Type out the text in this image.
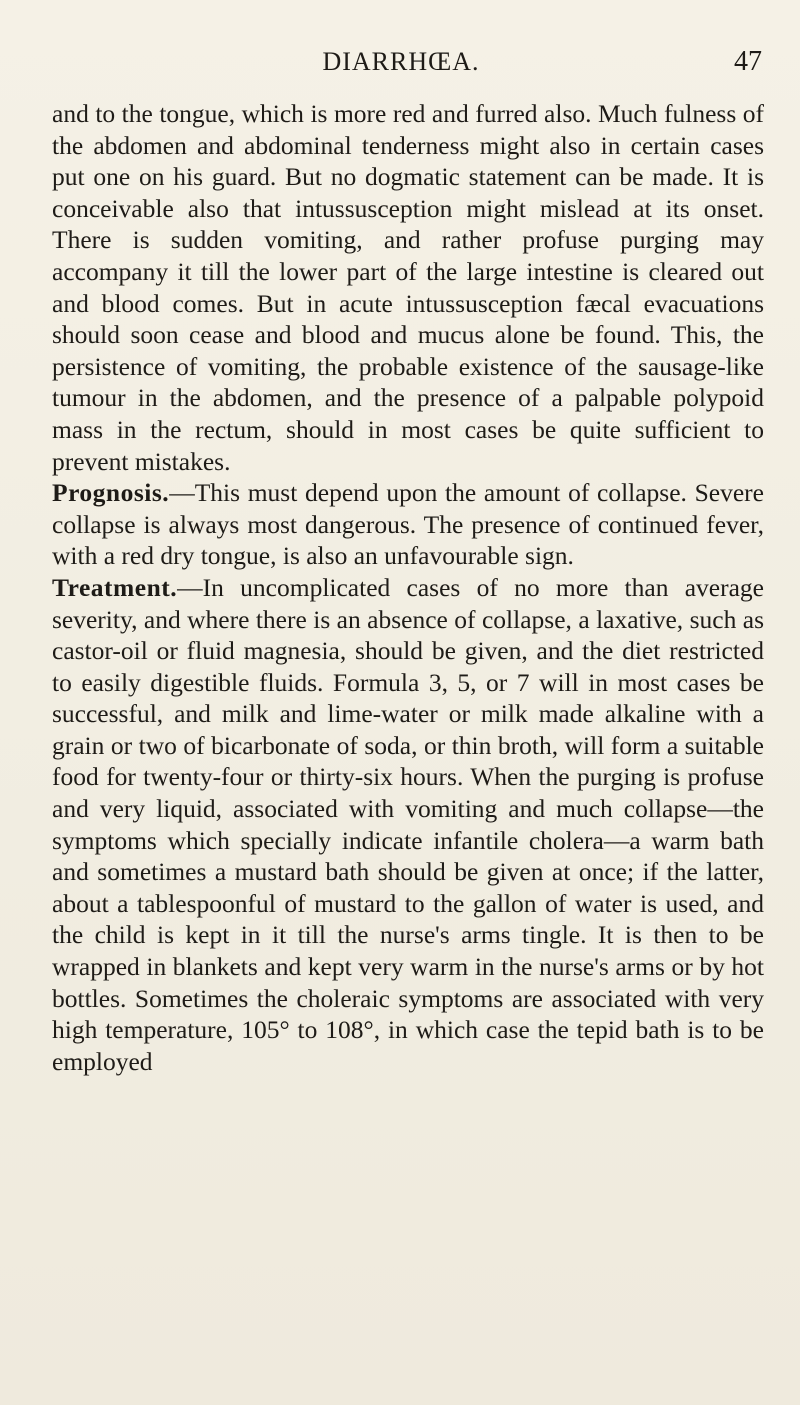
DIARRHŒA.	47

and to the tongue, which is more red and furred also. Much fulness of the abdomen and abdominal tenderness might also in certain cases put one on his guard. But no dogmatic statement can be made. It is conceivable also that intussusception might mislead at its onset. There is sudden vomiting, and rather profuse purging may accompany it till the lower part of the large intestine is cleared out and blood comes. But in acute intussusception fæcal evacuations should soon cease and blood and mucus alone be found. This, the persistence of vomiting, the probable existence of the sausage-like tumour in the abdomen, and the presence of a palpable polypoid mass in the rectum, should in most cases be quite sufficient to prevent mistakes.

Prognosis.—This must depend upon the amount of collapse. Severe collapse is always most dangerous. The presence of continued fever, with a red dry tongue, is also an unfavourable sign.

Treatment.—In uncomplicated cases of no more than average severity, and where there is an absence of collapse, a laxative, such as castor-oil or fluid magnesia, should be given, and the diet restricted to easily digestible fluids. Formula 3, 5, or 7 will in most cases be successful, and milk and lime-water or milk made alkaline with a grain or two of bicarbonate of soda, or thin broth, will form a suitable food for twenty-four or thirty-six hours. When the purging is profuse and very liquid, associated with vomiting and much collapse—the symptoms which specially indicate infantile cholera—a warm bath and sometimes a mustard bath should be given at once; if the latter, about a tablespoonful of mustard to the gallon of water is used, and the child is kept in it till the nurse's arms tingle. It is then to be wrapped in blankets and kept very warm in the nurse's arms or by hot bottles. Sometimes the choleraic symptoms are associated with very high temperature, 105° to 108°, in which case the tepid bath is to be employed
